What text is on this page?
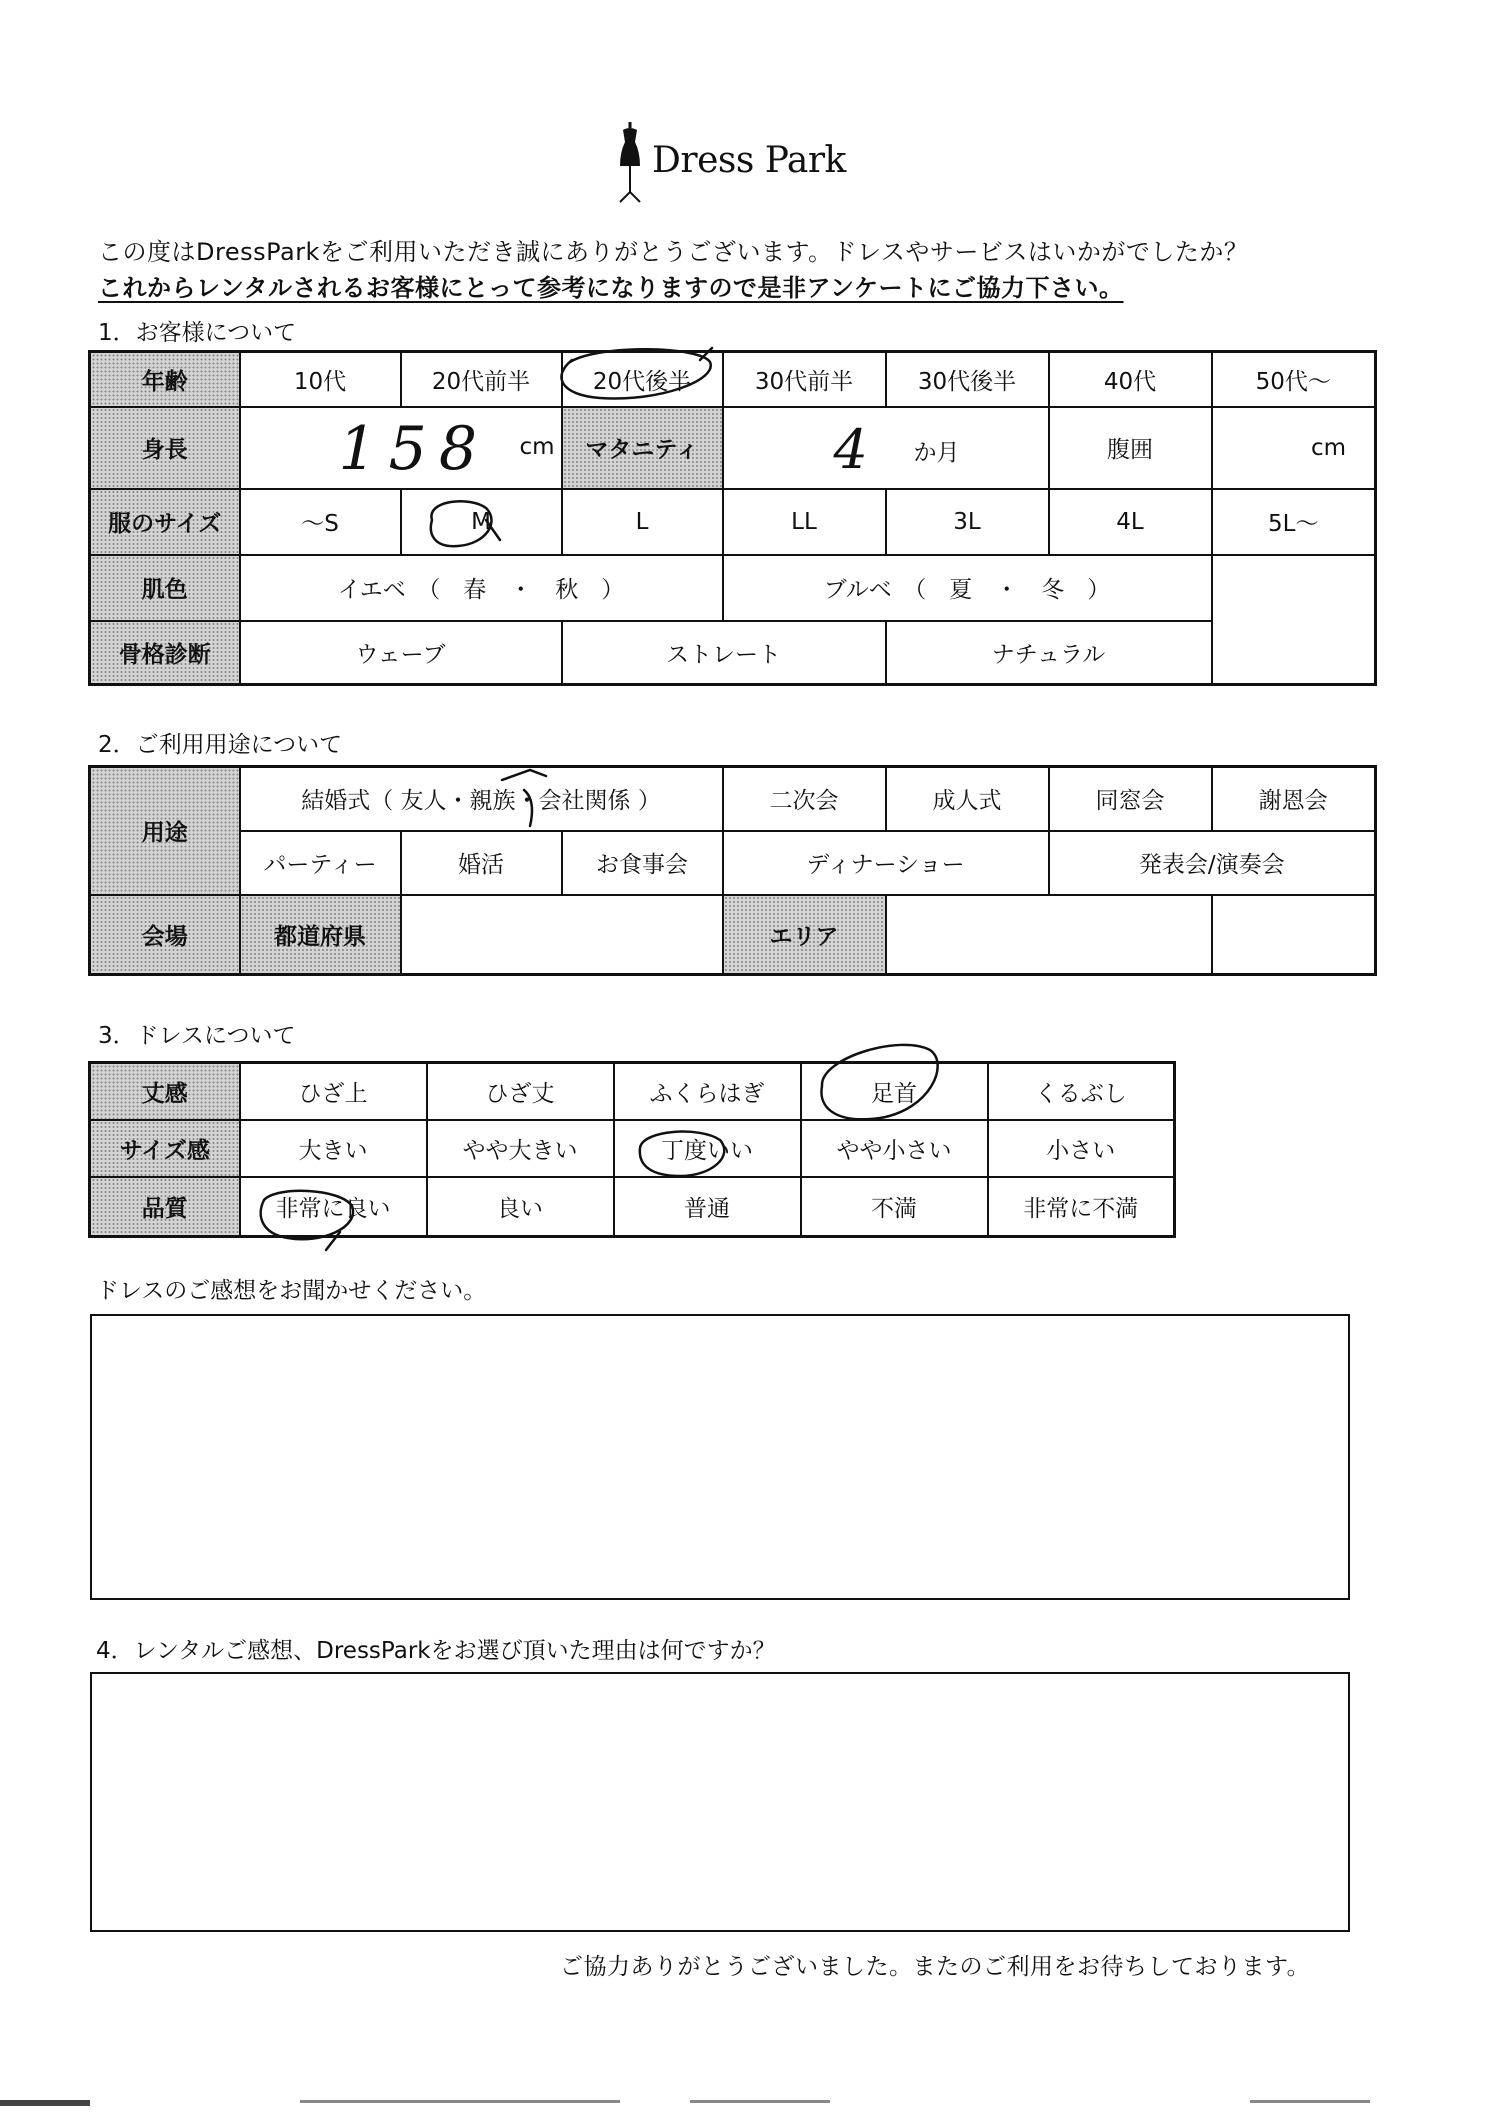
Dress Park
この度はDressParkをご利用いただき誠にありがとうございます。ドレスやサービスはいかがでしたか？
これからレンタルされるお客様にとって参考になりますので是非アンケートにご協力下さい。
1．お客様について
年齢	10代	20代前半	20代後半	30代前半	30代後半	40代	50代～
身長	158 cm		マタニティ	4 か月		腹囲	cm
服のサイズ	～S	M	L	LL	3L	4L	5L～
肌色	イエベ　（　春　・　秋　）			ブルベ　（　夏　・　冬　）			
骨格診断	ウェーブ		ストレート		ナチュラル		
2．ご利用用途について
用途	結婚式（ 友人・親族・会社関係 ）			二次会	成人式	同窓会	謝恩会
	パーティー	婚活	お食事会	ディナーショー		発表会/演奏会	
会場	都道府県			エリア			
3．ドレスについて
丈感	ひざ上	ひざ丈	ふくらはぎ	足首	くるぶし
サイズ感	大きい	やや大きい	丁度いい	やや小さい	小さい
品質	非常に良い	良い	普通	不満	非常に不満
ドレスのご感想をお聞かせください。
4．レンタルご感想、DressParkをお選び頂いた理由は何ですか？
ご協力ありがとうございました。またのご利用をお待ちしております。
